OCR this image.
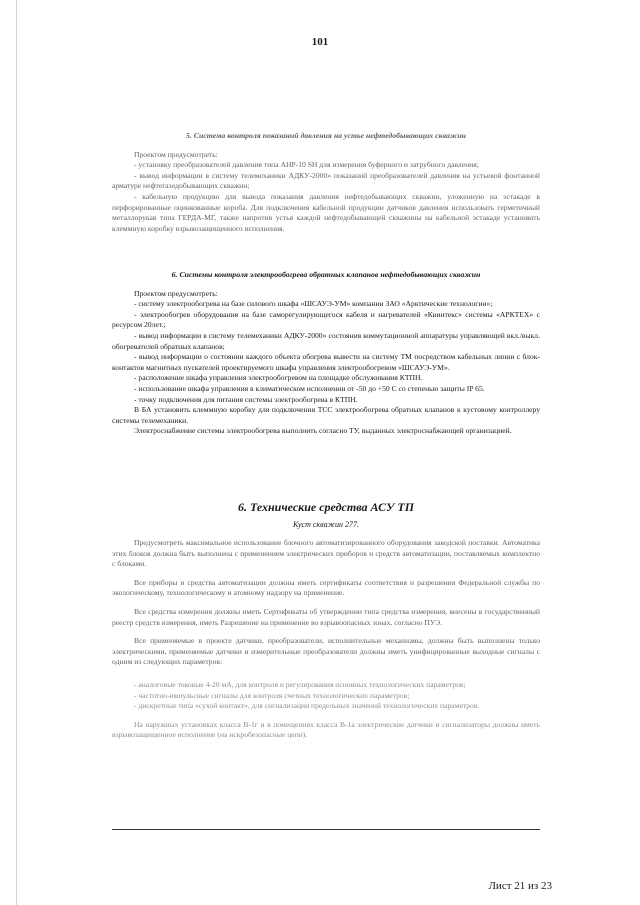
101
5. Система контроля показаний давления на устье нефтедобывающих скважин
Проектом предусмотреть:
- установку преобразователей давления типа АНР-10 SH для измерения буферного и затрубного давления;
- вывод информации в систему телемеханики АДКУ-2000» показаний преобразователей давления на устьевой фонтанной арматуре нефтегазодобывающих скважин;
- кабельную продукцию для вывода показания давления нефтедобывающих скважин, уложенную на эстакаде в перфорированные оцинкованные короба. Для подключения кабельной продукции датчиков давления использовать герметичный металлорукав типа ГЕРДА-МГ, также напротив устья каждой нефтедобывающей скважины на кабельной эстакаде установить клеммную коробку взрывозащищенного исполнения.
6. Системы контроля электрообогрева обратных клапанов нефтедобывающих скважин
Проектом предусмотреть:
- систему электрообогрева на базе силового шкафа «ШСАУЭ-УМ» компании ЗАО «Арктические технологии»;
- электрообогрев оборудования на базе саморегулирующегося кабеля и нагревателей «Квинтекс» системы «АРКТЕХ» с ресурсом 20лет.;
- вывод информации в систему телемеханики АДКУ-2000» состояния коммутационной аппаратуры управляющей вкл./выкл. обогревателей обратных клапанов;
- вывод информации о состоянии каждого объекта обогрева вывести на систему ТМ посредством кабельных линии с блок-контактов магнитных пускателей проектируемого шкафа управления электрообогревом «ШСАУЭ-УМ».
- расположение шкафа управления электрообогревом на площадке обслуживания КТПН.
- использование шкафа управления в климатическом исполнении от -50 до +50 С со степенью защиты IP 65.
- точку подключения для питания системы электрообогрева в КТПН.
В БА установить клеммную коробку для подключения ТСС электрообогрева обратных клапанов к кустовому контроллеру системы телемеханики.
Электроснабжение системы электрообогрева выполнить согласно ТУ, выданных электроснабжающей организацией.
6. Технические средства АСУ ТП
Куст скважин 277.
Предусмотреть максимальное использование блочного автоматизированного оборудования заводской поставки. Автоматика этих блоков должна быть выполнена с применением электрических приборов и средств автоматизации, поставляемых комплектно с блоками.
Все приборы и средства автоматизации должны иметь сертификаты соответствия и разрешения Федеральной службы по экологическому, технологическому и атомному надзору на применение.
Все средства измерения должны иметь Сертификаты об утверждении типа средства измерения, внесены в государственный реестр средств измерения, иметь Разрешение на применение во взрывоопасных зонах, согласно ПУЭ.
Все применяемые в проекте датчики, преобразователи, исполнительные механизмы, должны быть выполнены только электрическими, применяемые датчики и измерительные преобразователи должны иметь унифицированные выходные сигналы с одним из следующих параметров:
- аналоговые токовые 4-20 мА, для контроля и регулирования основных технологических параметров;
- частотно-импульсные сигналы для контроля счетных технологических параметров;
- дискретные типа «сухой контакт», для сигнализации предельных значений технологических параметров.
На наружных установках класса В-1г и в помещениях класса В-1а электрические датчики и сигнализаторы должны иметь взрывозащищенное исполнение (на искробезопасные цепи).
Лист 21 из 23
